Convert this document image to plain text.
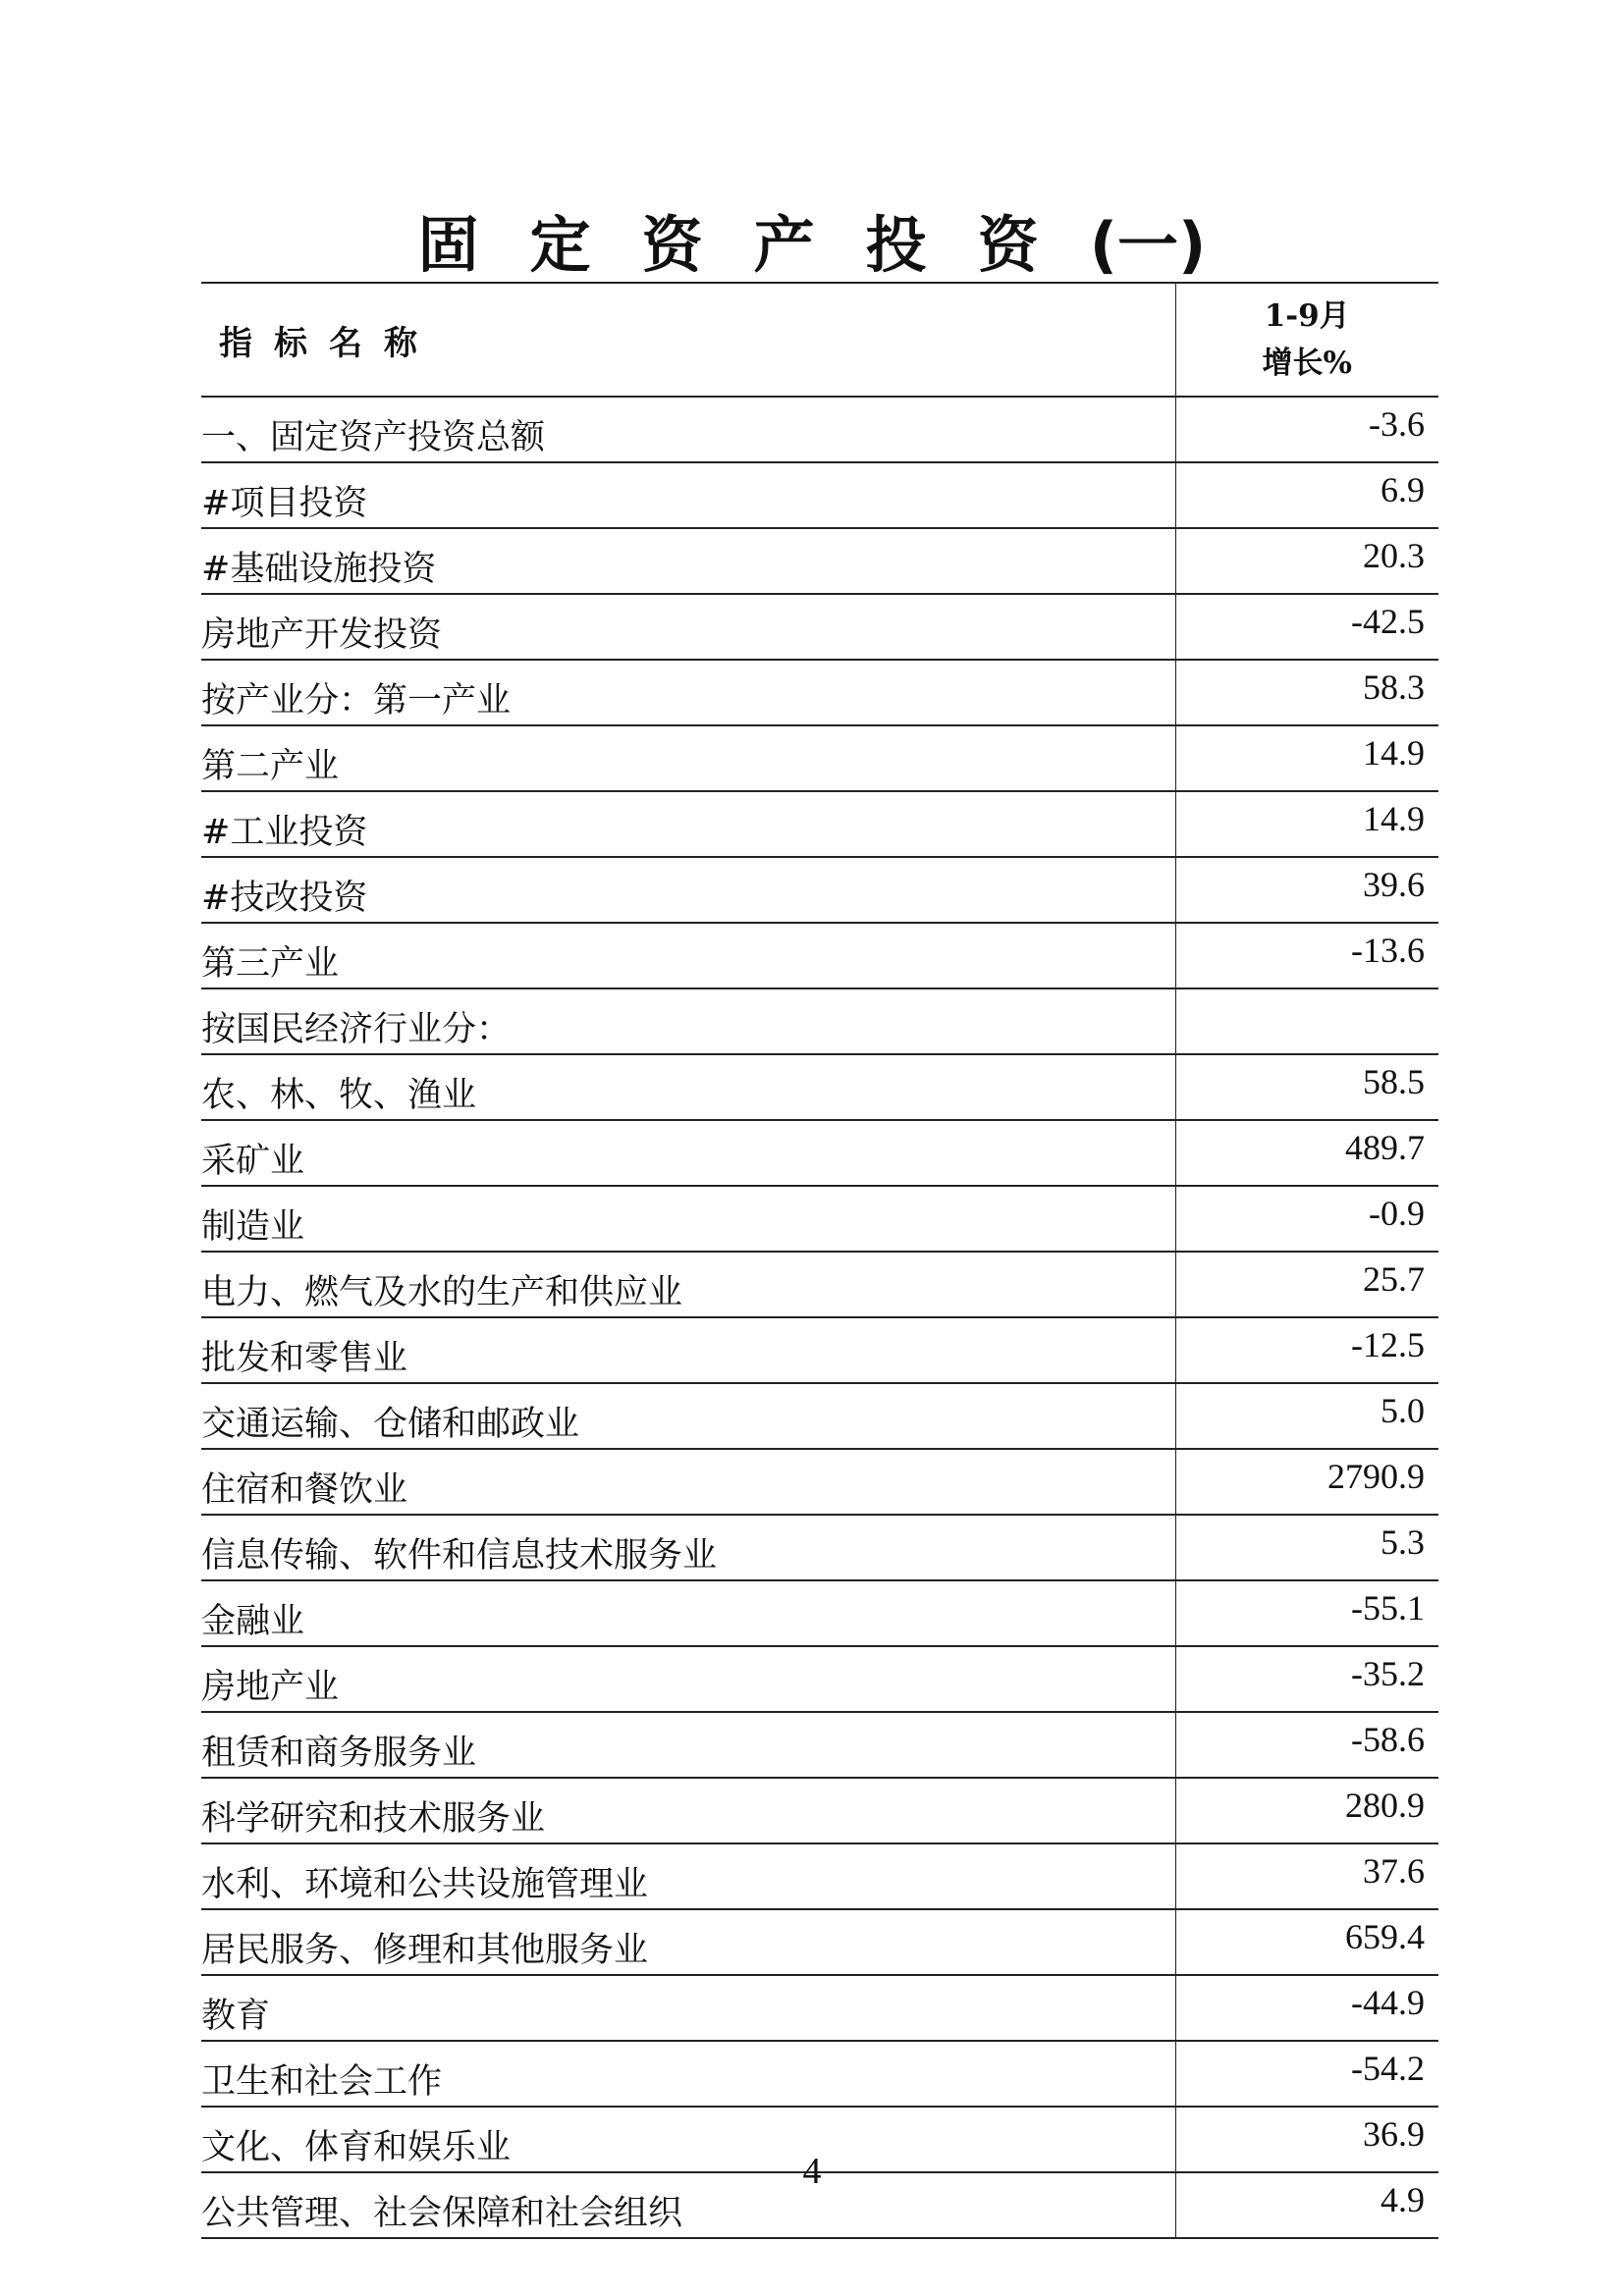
固 定 资 产 投 资 (一)
指标名称	1-9月
增长%

一、固定资产投资总额	-3.6
#项目投资	6.9
#基础设施投资	20.3
房地产开发投资	-42.5
按产业分：第一产业	58.3
第二产业	14.9
#工业投资	14.9
#技改投资	39.6
第三产业	-13.6
按国民经济行业分：	
农、林、牧、渔业	58.5
采矿业	489.7
制造业	-0.9
电力、燃气及水的生产和供应业	25.7
批发和零售业	-12.5
交通运输、仓储和邮政业	5.0
住宿和餐饮业	2790.9
信息传输、软件和信息技术服务业	5.3
金融业	-55.1
房地产业	-35.2
租赁和商务服务业	-58.6
科学研究和技术服务业	280.9
水利、环境和公共设施管理业	37.6
居民服务、修理和其他服务业	659.4
教育	-44.9
卫生和社会工作	-54.2
文化、体育和娱乐业	36.9
公共管理、社会保障和社会组织	4.9
4
